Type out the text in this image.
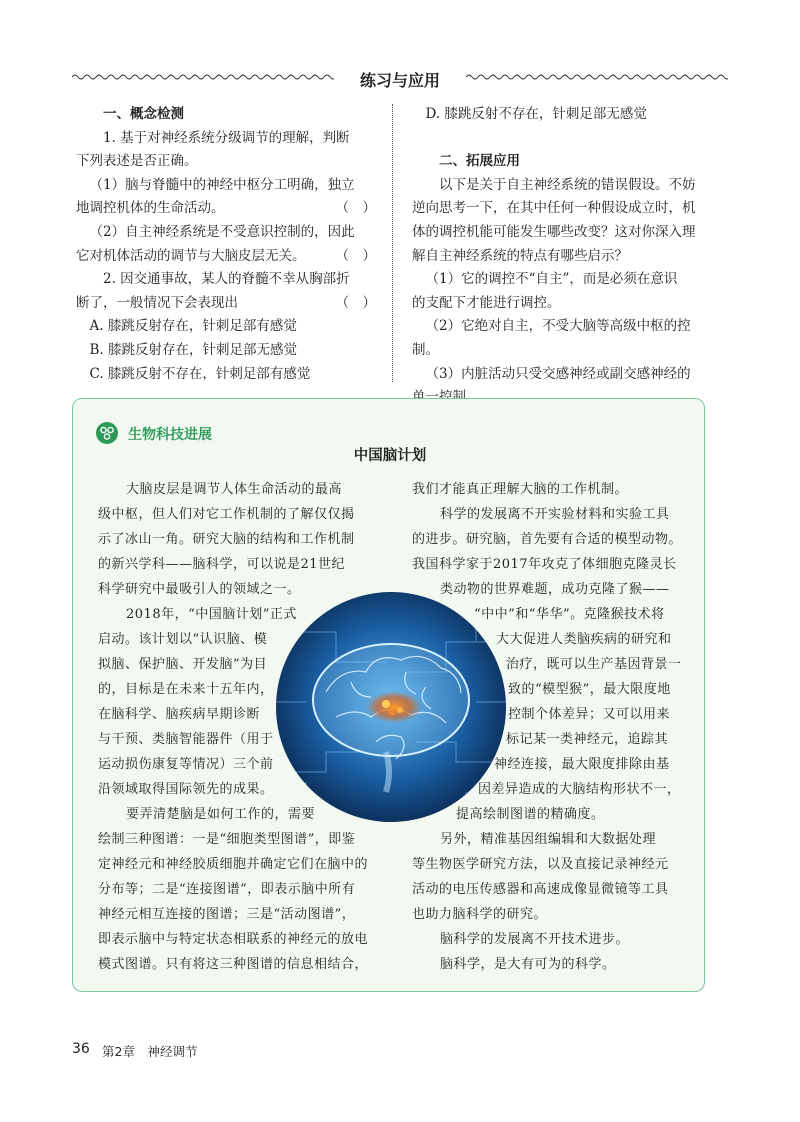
练习与应用

一、概念检测

1. 基于对神经系统分级调节的理解，判断

下列表述是否正确。

（1）脑与脊髓中的神经中枢分工明确，独立

（　）
地调控机体的生命活动。

（2）自主神经系统是不受意识控制的，因此

（　）
它对机体活动的调节与大脑皮层无关。

2. 因交通事故，某人的脊髓不幸从胸部折

（　）
断了，一般情况下会表现出

A. 膝跳反射存在，针刺足部有感觉

B. 膝跳反射存在，针刺足部无感觉

C. 膝跳反射不存在，针刺足部有感觉

D. 膝跳反射不存在，针刺足部无感觉

二、拓展应用

以下是关于自主神经系统的错误假设。不妨

逆向思考一下，在其中任何一种假设成立时，机

体的调控机能可能发生哪些改变？这对你深入理

解自主神经系统的特点有哪些启示？

（1）它的调控不“自主”，而是必须在意识

的支配下才能进行调控。

（2）它绝对自主，不受大脑等高级中枢的控制。

（3）内脏活动只受交感神经或副交感神经的

生物科技进展
中国脑计划
大脑皮层是调节人体生命活动的最高
级中枢，但人们对它工作机制的了解仅仅揭
示了冰山一角。研究大脑的结构和工作机制
的新兴学科——脑科学，可以说是21世纪
科学研究中最吸引人的领域之一。
2018年，“中国脑计划”正式
启动。该计划以“认识脑、模
拟脑、保护脑、开发脑”为目
的，目标是在未来十五年内，
在脑科学、脑疾病早期诊断
与干预、类脑智能器件（用于
运动损伤康复等情况）三个前
沿领域取得国际领先的成果。
要弄清楚脑是如何工作的，需要
绘制三种图谱：一是“细胞类型图谱”，即鉴
定神经元和神经胶质细胞并确定它们在脑中的
分布等；二是“连接图谱”，即表示脑中所有
神经元相互连接的图谱；三是“活动图谱”，
即表示脑中与特定状态相联系的神经元的放电
模式图谱。只有将这三种图谱的信息相结合，
我们才能真正理解大脑的工作机制。
科学的发展离不开实验材料和实验工具
的进步。研究脑，首先要有合适的模型动物。
我国科学家于2017年攻克了体细胞克隆灵长
类动物的世界难题，成功克隆了猴——
“中中”和“华华”。克隆猴技术将
大大促进人类脑疾病的研究和
治疗，既可以生产基因背景一
致的“模型猴”，最大限度地
控制个体差异；又可以用来
标记某一类神经元，追踪其
神经连接，最大限度排除由基
因差异造成的大脑结构形状不一，
提高绘制图谱的精确度。
另外，精准基因组编辑和大数据处理
等生物医学研究方法，以及直接记录神经元
活动的电压传感器和高速成像显微镜等工具
也助力脑科学的研究。
脑科学的发展离不开技术进步。
脑科学，是大有可为的科学。
36 第2章　神经调节
